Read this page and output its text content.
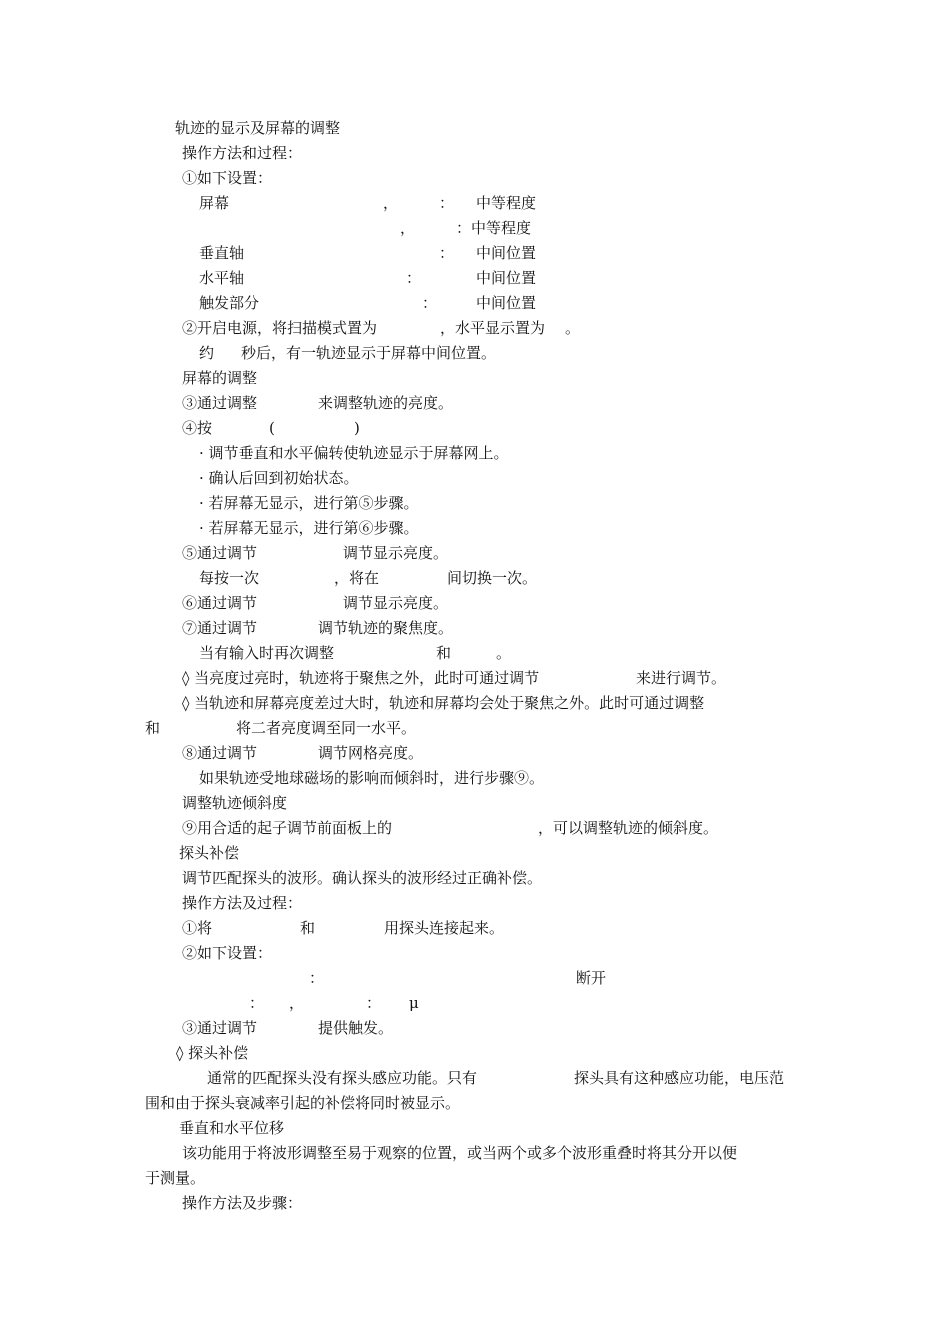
轨迹的显示及屏幕的调整
操作方法和过程：
①如下设置：
屏幕	，	： 中等程度
，	：中等程度
垂直轴	： 中间位置
水平轴	：	中间位置
触发部分	：	中间位置
②开启电源，将扫描模式置为	，水平显示置为 。
约 秒后，有一轨迹显示于屏幕中间位置。
屏幕的调整
③通过调整	来调整轨迹的亮度。
④按	(	)
· 调节垂直和水平偏转使轨迹显示于屏幕网上。
· 确认后回到初始状态。
· 若屏幕无显示，进行第⑤步骤。
· 若屏幕无显示，进行第⑥步骤。
⑤通过调节	调节显示亮度。
每按一次	，将在	间切换一次。
⑥通过调节	调节显示亮度。
⑦通过调节	调节轨迹的聚焦度。
当有输入时再次调整	和	。
◊ 当亮度过亮时，轨迹将于聚焦之外，此时可通过调节	来进行调节。
◊ 当轨迹和屏幕亮度差过大时，轨迹和屏幕均会处于聚焦之外。此时可通过调整
和	将二者亮度调至同一水平。
⑧通过调节	调节网格亮度。
如果轨迹受地球磁场的影响而倾斜时，进行步骤⑨。
调整轨迹倾斜度
⑨用合适的起子调节前面板上的	，可以调整轨迹的倾斜度。
探头补偿
调节匹配探头的波形。确认探头的波形经过正确补偿。
操作方法及过程：
①将	和	用探头连接起来。
②如下设置：
：	断开
： ，	： μ
③通过调节	提供触发。
◊ 探头补偿
通常的匹配探头没有探头感应功能。只有	探头具有这种感应功能，电压范
围和由于探头衰减率引起的补偿将同时被显示。
垂直和水平位移
该功能用于将波形调整至易于观察的位置，或当两个或多个波形重叠时将其分开以便
于测量。
操作方法及步骤：
